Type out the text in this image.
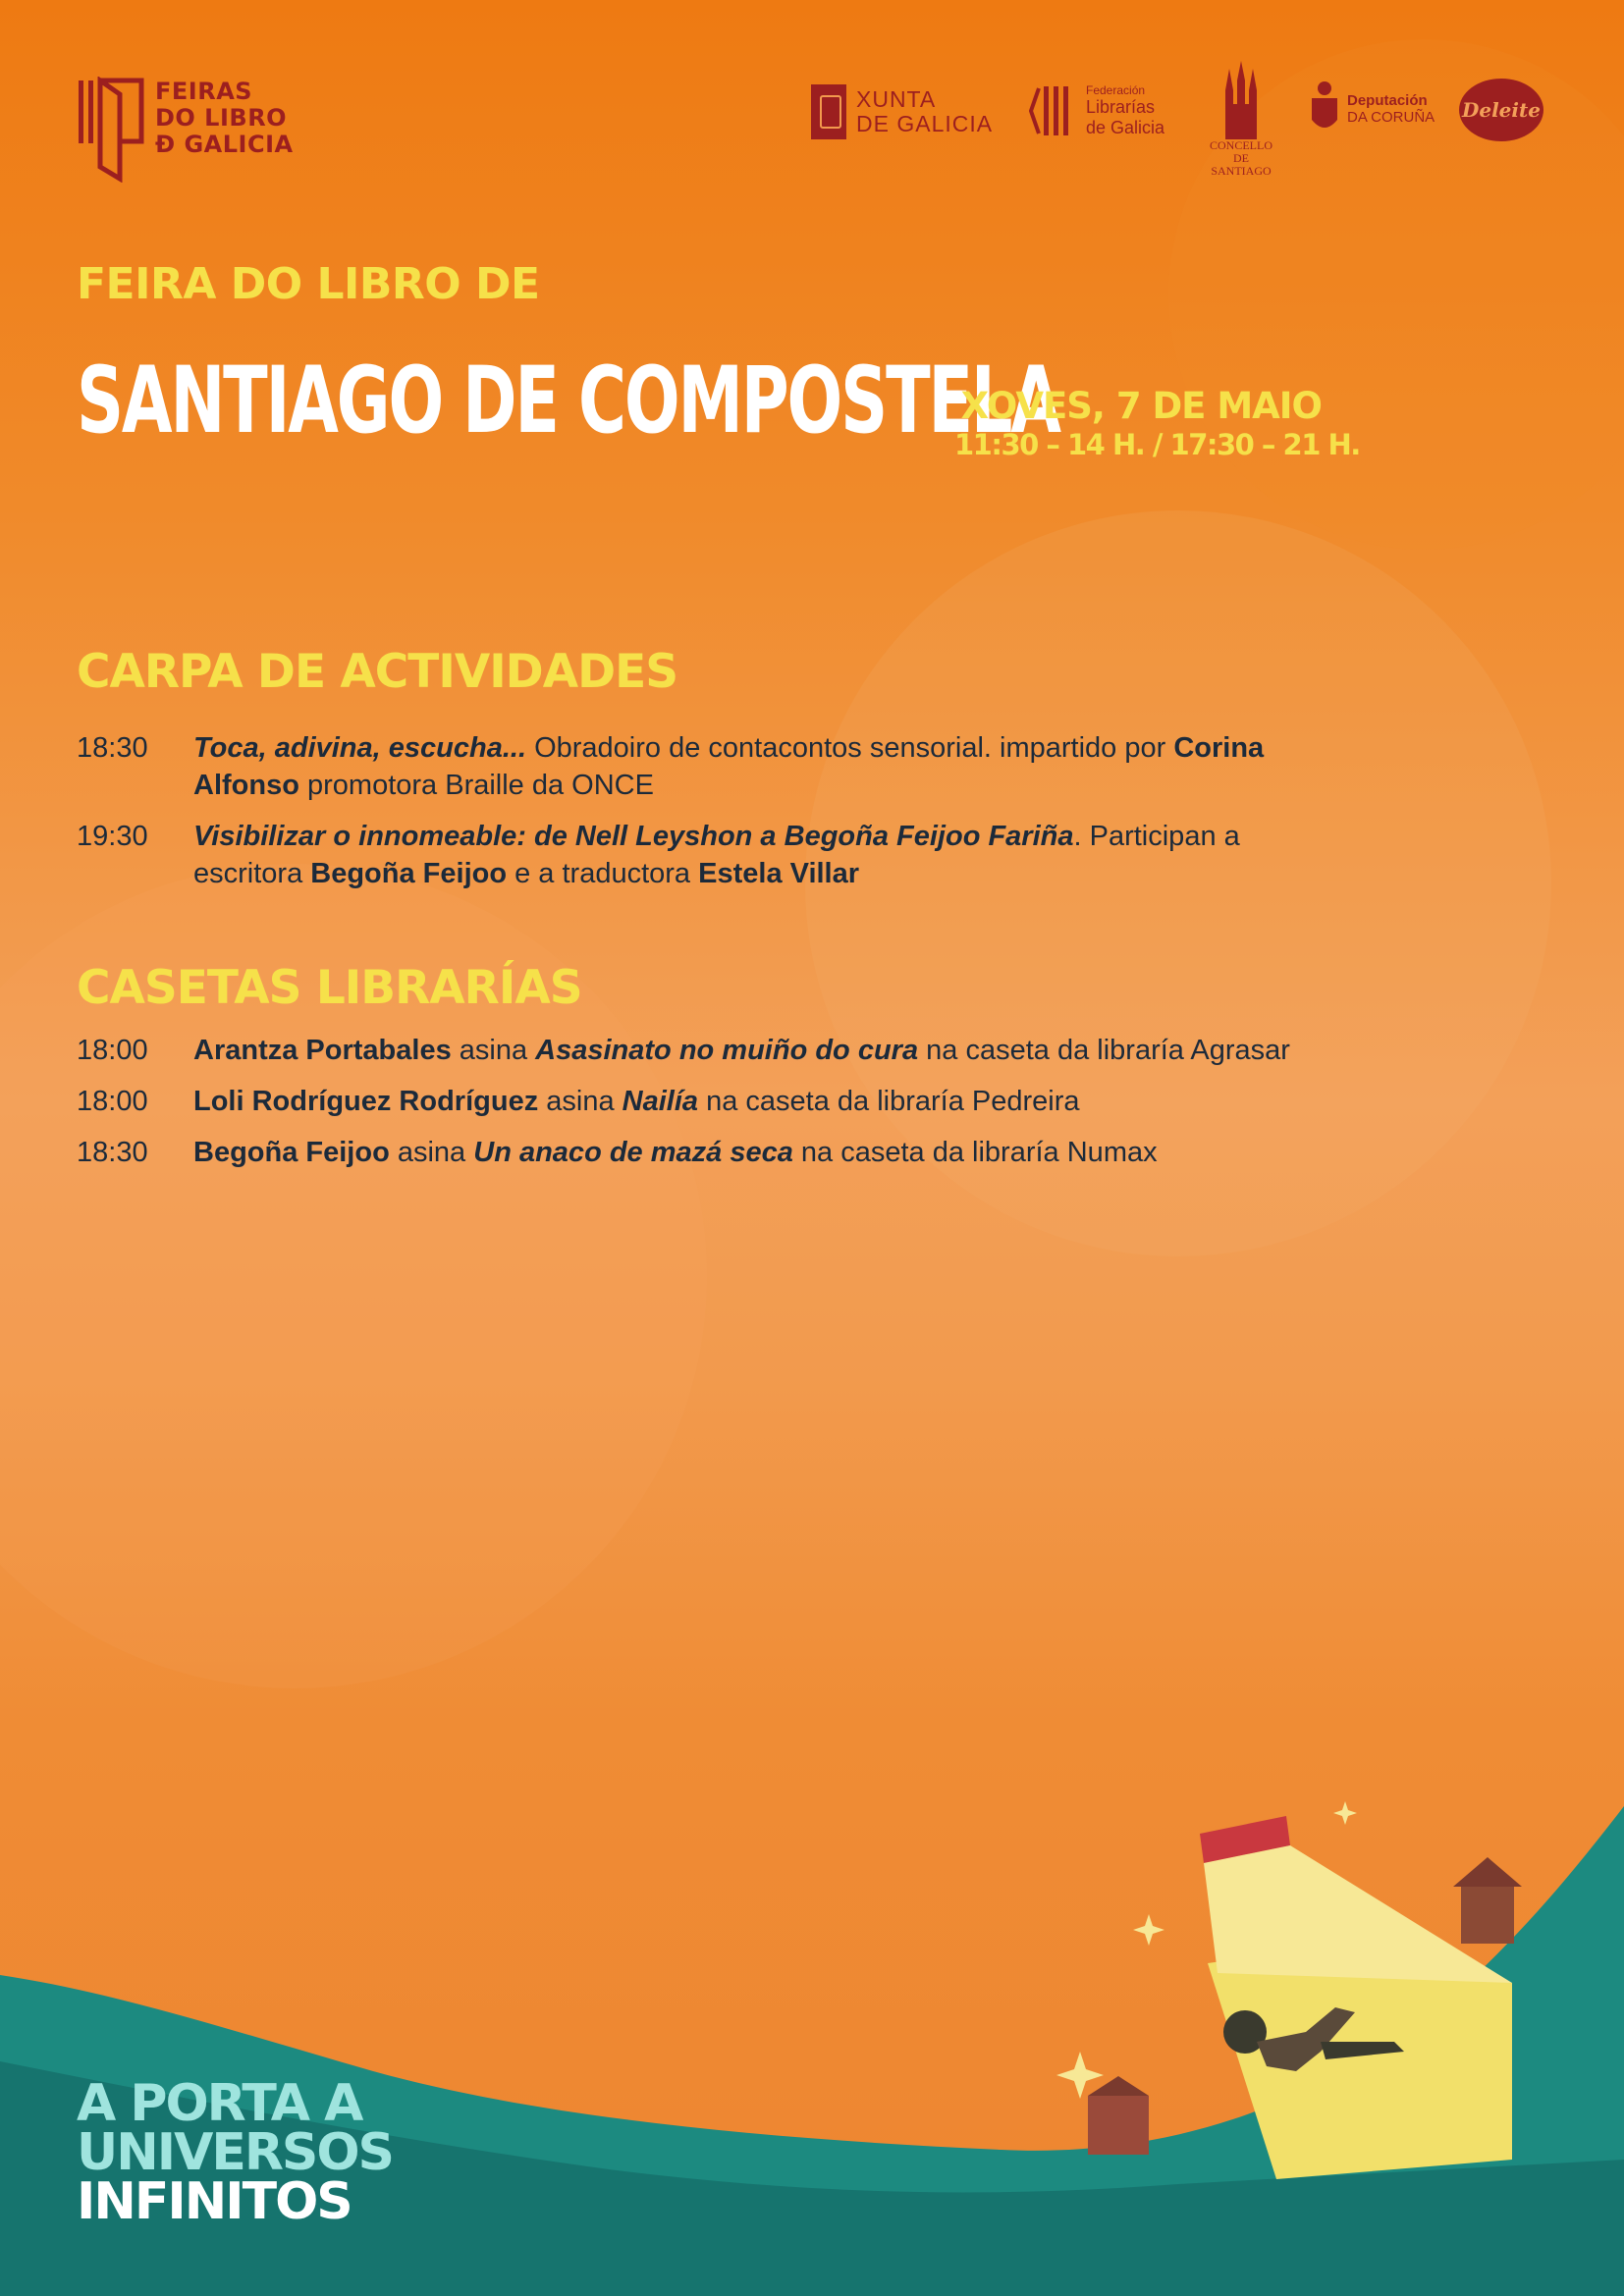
FEIRAS
DO LIBRO
Ð GALICIA
XUNTA
DE GALICIA
Federación
Librarías
de Galicia
CONCELLO DE
SANTIAGO
Deputación
DA CORUÑA Deleite
FEIRA DO LIBRO DE
SANTIAGO DE COMPOSTELA
XOVES, 7 DE MAIO
11:30 – 14 H. / 17:30 – 21 H.
CARPA DE ACTIVIDADES
18:30	Toca, adivina, escucha... Obradoiro de contacontos sensorial. impartido por Corina Alfonso promotora Braille da ONCE
19:30	Visibilizar o innomeable: de Nell Leyshon a Begoña Feijoo Fariña. Participan a escritora Begoña Feijoo e a traductora Estela Villar
CASETAS LIBRARÍAS
18:00	Arantza Portabales asina Asasinato no muiño do cura na caseta da libraría Agrasar
18:00	Loli Rodríguez Rodríguez asina Nailía na caseta da libraría Pedreira
18:30	Begoña Feijoo asina Un anaco de mazá seca na caseta da libraría Numax
A PORTA A
UNIVERSOS
INFINITOS
